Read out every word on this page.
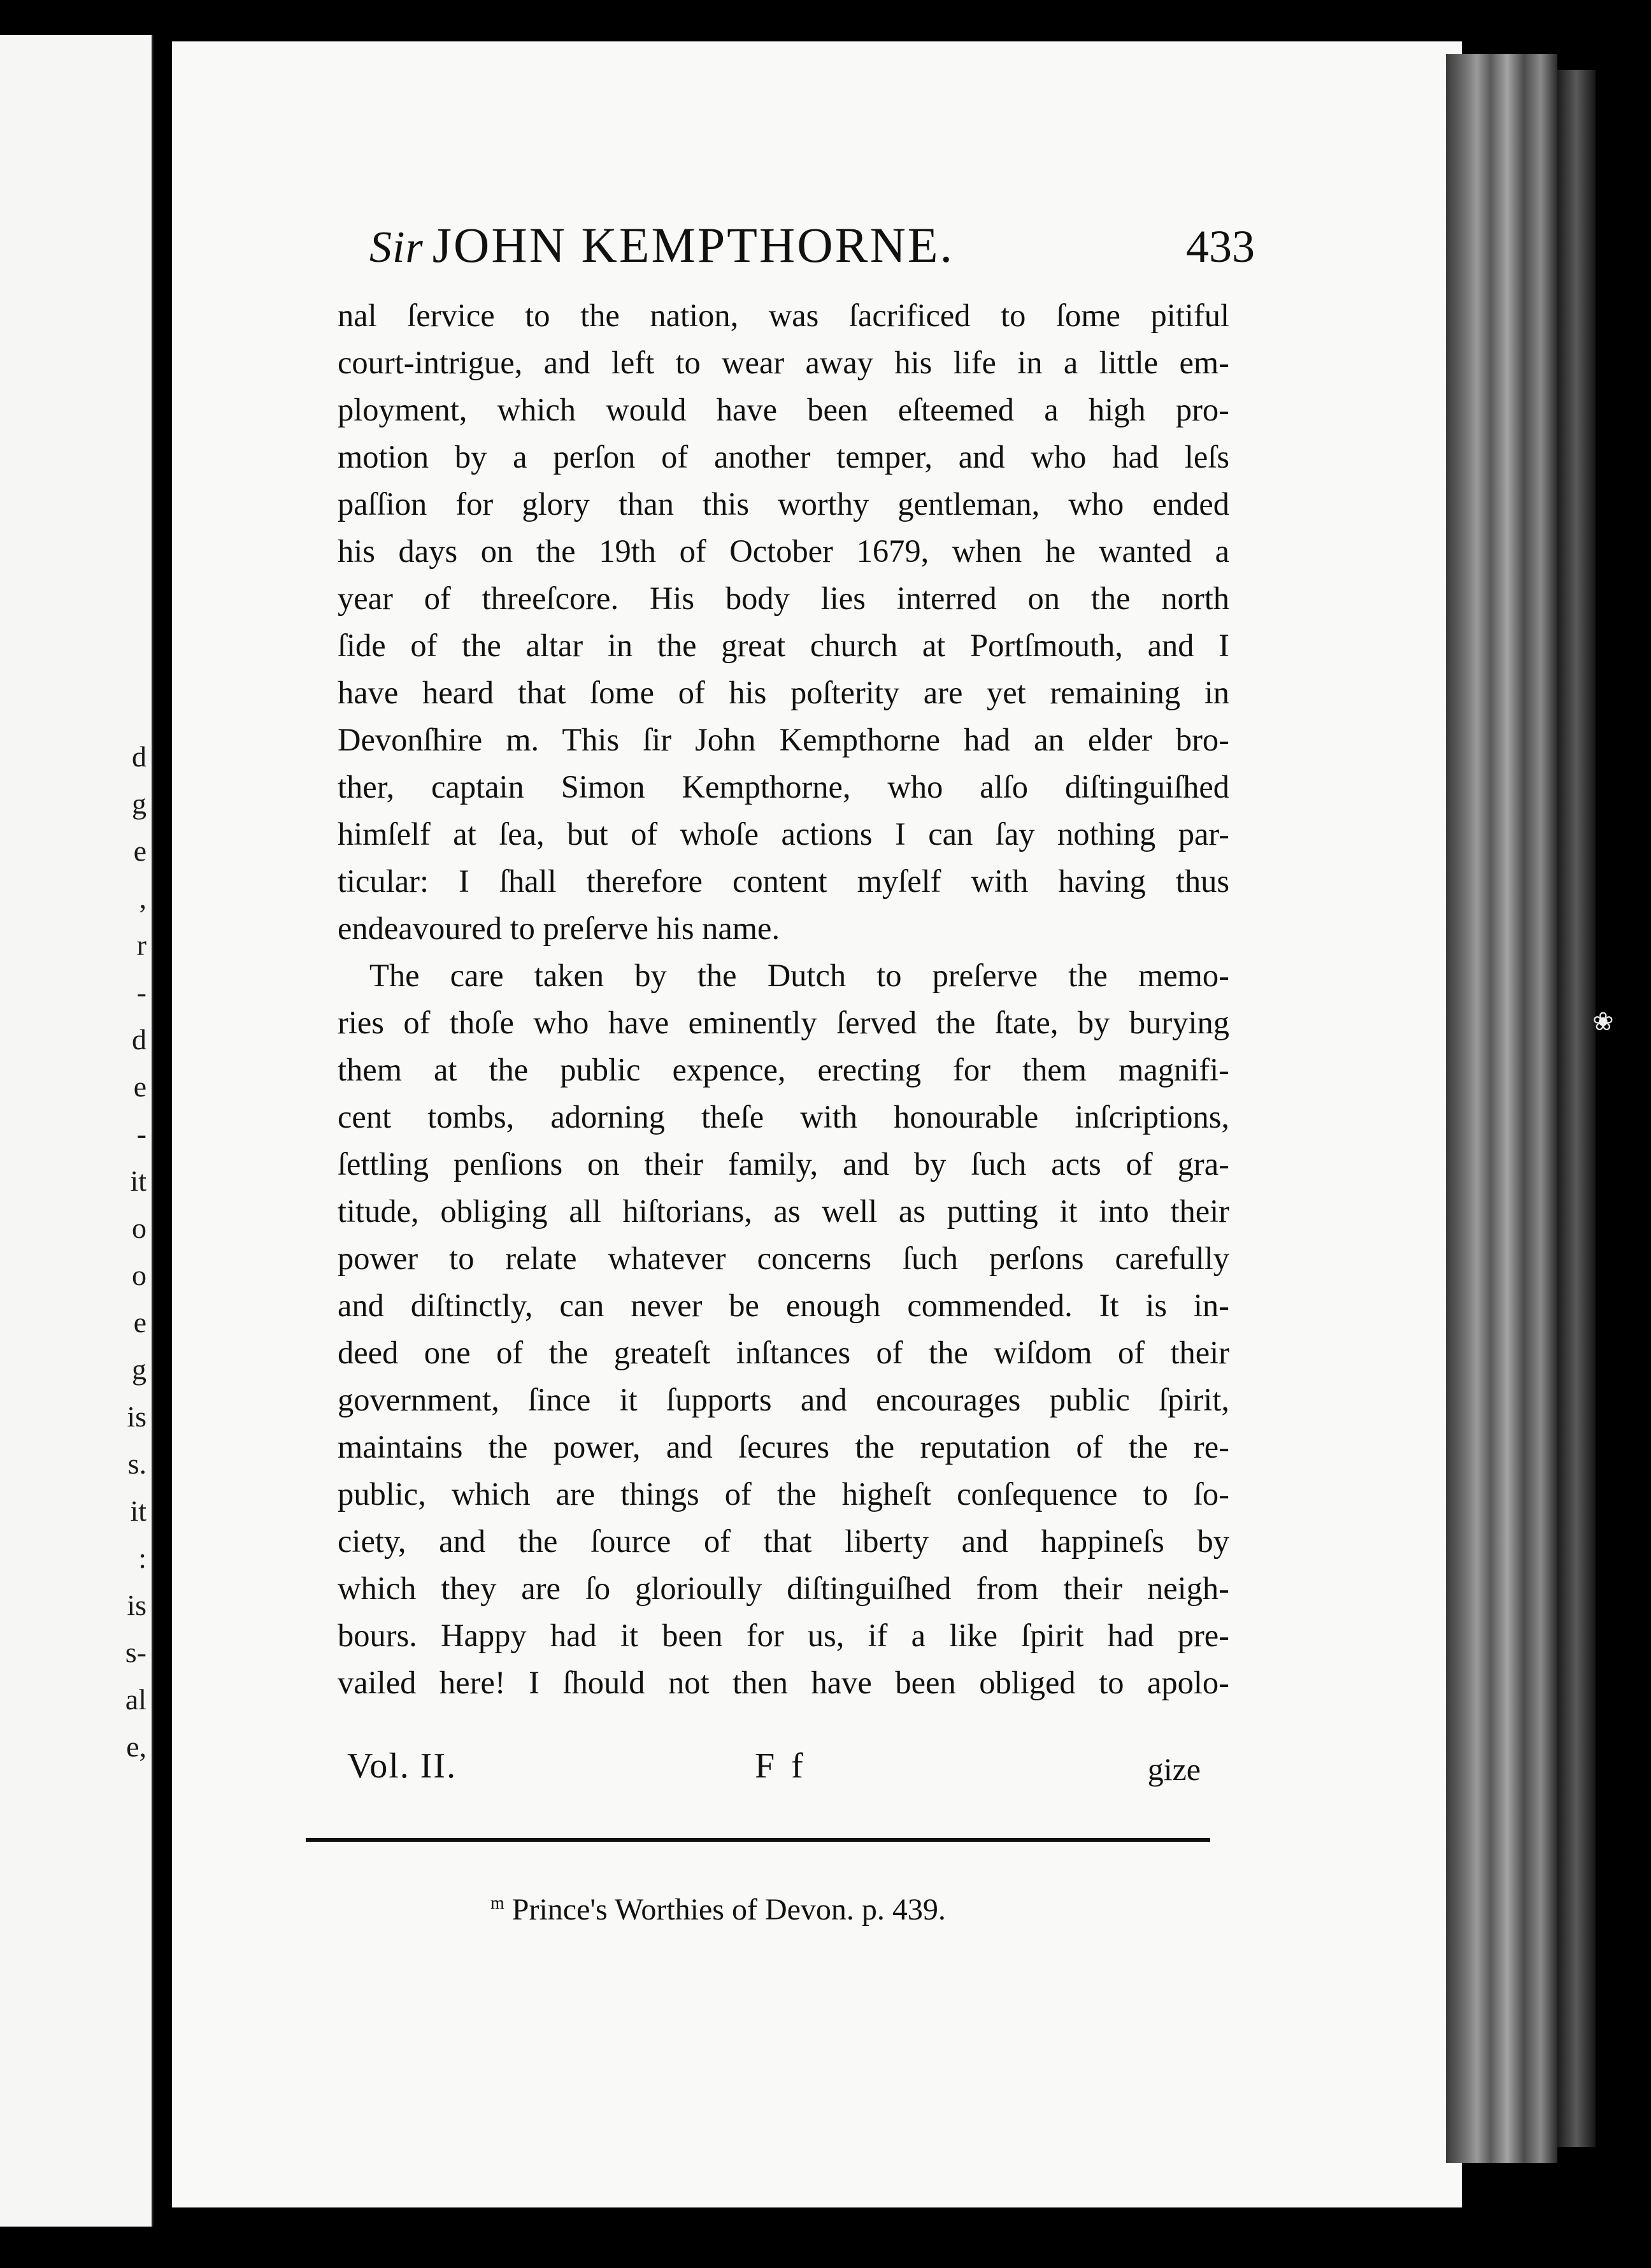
d
g
e
,
r
-
d
e
-
it
o
o
e
g
is
s.
it
:
is
s-
al
e,
Sir JOHN KEMPTHORNE.	433
nal ſervice to the nation, was ſacrificed to ſome pitiful
court-intrigue, and left to wear away his life in a little em-
ployment, which would have been eſteemed a high pro-
motion by a perſon of another temper, and who had leſs
paſſion for glory than this worthy gentleman, who ended
his days on the 19th of October 1679, when he wanted a
year of threeſcore. His body lies interred on the north
ſide of the altar in the great church at Portſmouth, and I
have heard that ſome of his poſterity are yet remaining in
Devonſhire m. This ſir John Kempthorne had an elder bro-
ther, captain Simon Kempthorne, who alſo diſtinguiſhed
himſelf at ſea, but of whoſe actions I can ſay nothing par-
ticular: I ſhall therefore content myſelf with having thus
endeavoured to preſerve his name.
The care taken by the Dutch to preſerve the memo-
ries of thoſe who have eminently ſerved the ſtate, by burying
them at the public expence, erecting for them magnifi-
cent tombs, adorning theſe with honourable inſcriptions,
ſettling penſions on their family, and by ſuch acts of gra-
titude, obliging all hiſtorians, as well as putting it into their
power to relate whatever concerns ſuch perſons carefully
and diſtinctly, can never be enough commended. It is in-
deed one of the greateſt inſtances of the wiſdom of their
government, ſince it ſupports and encourages public ſpirit,
maintains the power, and ſecures the reputation of the re-
public, which are things of the higheſt conſequence to ſo-
ciety, and the ſource of that liberty and happineſs by
which they are ſo glorioully diſtinguiſhed from their neigh-
bours. Happy had it been for us, if a like ſpirit had pre-
vailed here! I ſhould not then have been obliged to apolo-
Vol. II.	F f	gize
$^m$ Prince's Worthies of Devon. p. 439.
❀
